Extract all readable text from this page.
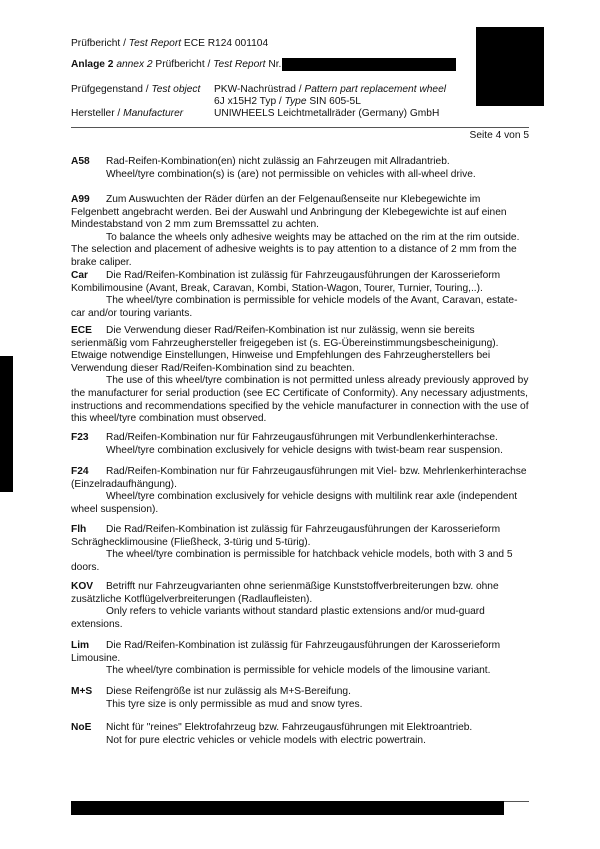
Prüfbericht / Test Report ECE R124 001104
Anlage 2 annex 2 Prüfbericht / Test Report Nr.
Prüfgegenstand / Test object PKW-Nachrüstrad / Pattern part replacement wheel
6J x15H2 Typ / Type SIN 605-5L
Hersteller / Manufacturer	UNIWHEELS Leichtmetallräder (Germany) GmbH
Seite 4 von 5

A58 Rad-Reifen-Kombination(en) nicht zulässig an Fahrzeugen mit Allradantrieb.

Wheel/tyre combination(s) is (are) not permissible on vehicles with all-wheel drive.

A99 Zum Auswuchten der Räder dürfen an der Felgenaußenseite nur Klebegewichte im Felgenbett angebracht werden. Bei der Auswahl und Anbringung der Klebegewichte ist auf einen Mindestabstand von 2 mm zum Bremssattel zu achten.

To balance the wheels only adhesive weights may be attached on the rim at the rim outside. The selection and placement of adhesive weights is to pay attention to a distance of 2 mm from the brake caliper.

Car Die Rad/Reifen-Kombination ist zulässig für Fahrzeugausführungen der Karosserieform Kombilimousine (Avant, Break, Caravan, Kombi, Station-Wagon, Tourer, Turnier, Touring,..).

The wheel/tyre combination is permissible for vehicle models of the Avant, Caravan, estate-car and/or touring variants.

ECE Die Verwendung dieser Rad/Reifen-Kombination ist nur zulässig, wenn sie bereits serienmäßig vom Fahrzeughersteller freigegeben ist (s. EG-Übereinstimmungsbescheinigung). Etwaige notwendige Einstellungen, Hinweise und Empfehlungen des Fahrzeugherstellers bei Verwendung dieser Rad/Reifen-Kombination sind zu beachten.

The use of this wheel/tyre combination is not permitted unless already previously approved by the manufacturer for serial production (see EC Certificate of Conformity). Any necessary adjustments, instructions and recommendations specified by the vehicle manufacturer in connection with the use of this wheel/tyre combination must observed.

F23 Rad/Reifen-Kombination nur für Fahrzeugausführungen mit Verbundlenkerhinterachse.

Wheel/tyre combination exclusively for vehicle designs with twist-beam rear suspension.

F24 Rad/Reifen-Kombination nur für Fahrzeugausführungen mit Viel- bzw. Mehrlenkerhinterachse (Einzelradaufhängung).

Wheel/tyre combination exclusively for vehicle designs with multilink rear axle (independent wheel suspension).

Flh Die Rad/Reifen-Kombination ist zulässig für Fahrzeugausführungen der Karosserieform Schräghecklimousine (Fließheck, 3-türig und 5-türig).

The wheel/tyre combination is permissible for hatchback vehicle models, both with 3 and 5 doors.

KOV Betrifft nur Fahrzeugvarianten ohne serienmäßige Kunststoffverbreiterungen bzw. ohne zusätzliche Kotflügelverbreiterungen (Radlaufleisten).

Only refers to vehicle variants without standard plastic extensions and/or mud-guard extensions.

Lim Die Rad/Reifen-Kombination ist zulässig für Fahrzeugausführungen der Karosserieform Limousine.

The wheel/tyre combination is permissible for vehicle models of the limousine variant.

M+S Diese Reifengröße ist nur zulässig als M+S-Bereifung.

This tyre size is only permissible as mud and snow tyres.

NoE Nicht für "reines" Elektrofahrzeug bzw. Fahrzeugausführungen mit Elektroantrieb.

Not for pure electric vehicles or vehicle models with electric powertrain.
